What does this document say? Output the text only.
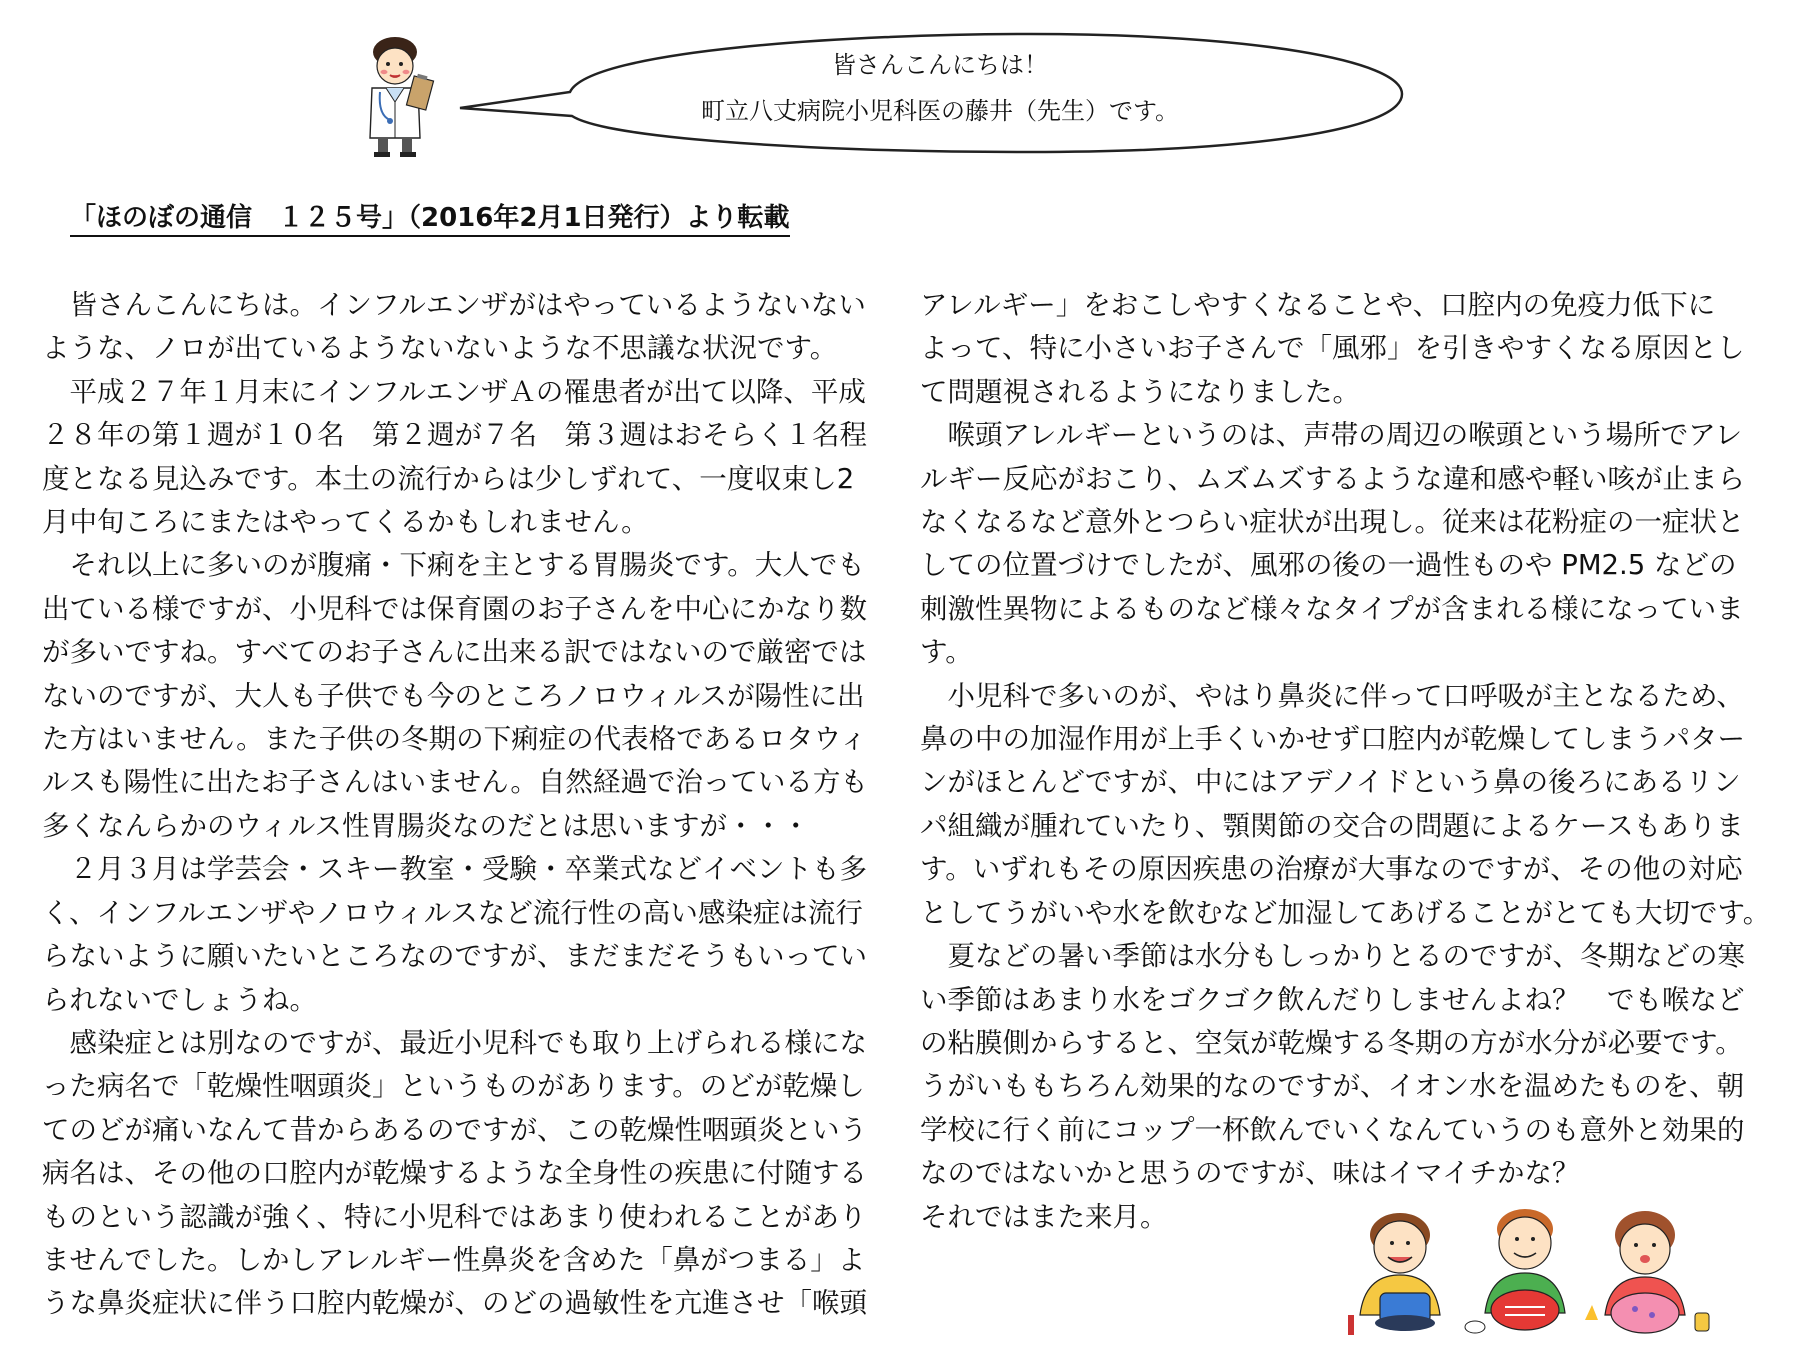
皆さんこんにちは！
町立八丈病院小児科医の藤井（先生）です。
「ほのぼの通信　１２５号」（2016年2月1日発行）より転載

　皆さんこんにちは。インフルエンザがはやっているようないない
ような、ノロが出ているようないないような不思議な状況です。

　平成２７年１月末にインフルエンザＡの罹患者が出て以降、平成
２８年の第１週が１０名　第２週が７名　第３週はおそらく１名程
度となる見込みです。本土の流行からは少しずれて、一度収束し2
月中旬ころにまたはやってくるかもしれません。

　それ以上に多いのが腹痛・下痢を主とする胃腸炎です。大人でも
出ている様ですが、小児科では保育園のお子さんを中心にかなり数
が多いですね。すべてのお子さんに出来る訳ではないので厳密では
ないのですが、大人も子供でも今のところノロウィルスが陽性に出
た方はいません。また子供の冬期の下痢症の代表格であるロタウィ
ルスも陽性に出たお子さんはいません。自然経過で治っている方も
多くなんらかのウィルス性胃腸炎なのだとは思いますが・・・

　２月３月は学芸会・スキー教室・受験・卒業式などイベントも多
く、インフルエンザやノロウィルスなど流行性の高い感染症は流行
らないように願いたいところなのですが、まだまだそうもいってい
られないでしょうね。

　感染症とは別なのですが、最近小児科でも取り上げられる様にな
った病名で「乾燥性咽頭炎」というものがあります。のどが乾燥し
てのどが痛いなんて昔からあるのですが、この乾燥性咽頭炎という
病名は、その他の口腔内が乾燥するような全身性の疾患に付随する
ものという認識が強く、特に小児科ではあまり使われることがあり
ませんでした。しかしアレルギー性鼻炎を含めた「鼻がつまる」よ
うな鼻炎症状に伴う口腔内乾燥が、のどの過敏性を亢進させ「喉頭

アレルギー」をおこしやすくなることや、口腔内の免疫力低下に
よって、特に小さいお子さんで「風邪」を引きやすくなる原因とし
て問題視されるようになりました。

　喉頭アレルギーというのは、声帯の周辺の喉頭という場所でアレ
ルギー反応がおこり、ムズムズするような違和感や軽い咳が止まら
なくなるなど意外とつらい症状が出現し。従来は花粉症の一症状と
しての位置づけでしたが、風邪の後の一過性ものや PM2.5 などの
刺激性異物によるものなど様々なタイプが含まれる様になっていま
す。

　小児科で多いのが、やはり鼻炎に伴って口呼吸が主となるため、
鼻の中の加湿作用が上手くいかせず口腔内が乾燥してしまうパター
ンがほとんどですが、中にはアデノイドという鼻の後ろにあるリン
パ組織が腫れていたり、顎関節の交合の問題によるケースもありま
す。いずれもその原因疾患の治療が大事なのですが、その他の対応
としてうがいや水を飲むなど加湿してあげることがとても大切です。

　夏などの暑い季節は水分もしっかりとるのですが、冬期などの寒
い季節はあまり水をゴクゴク飲んだりしませんよね？　でも喉など
の粘膜側からすると、空気が乾燥する冬期の方が水分が必要です。
うがいももちろん効果的なのですが、イオン水を温めたものを、朝
学校に行く前にコップ一杯飲んでいくなんていうのも意外と効果的
なのではないかと思うのですが、味はイマイチかな？
それではまた来月。
